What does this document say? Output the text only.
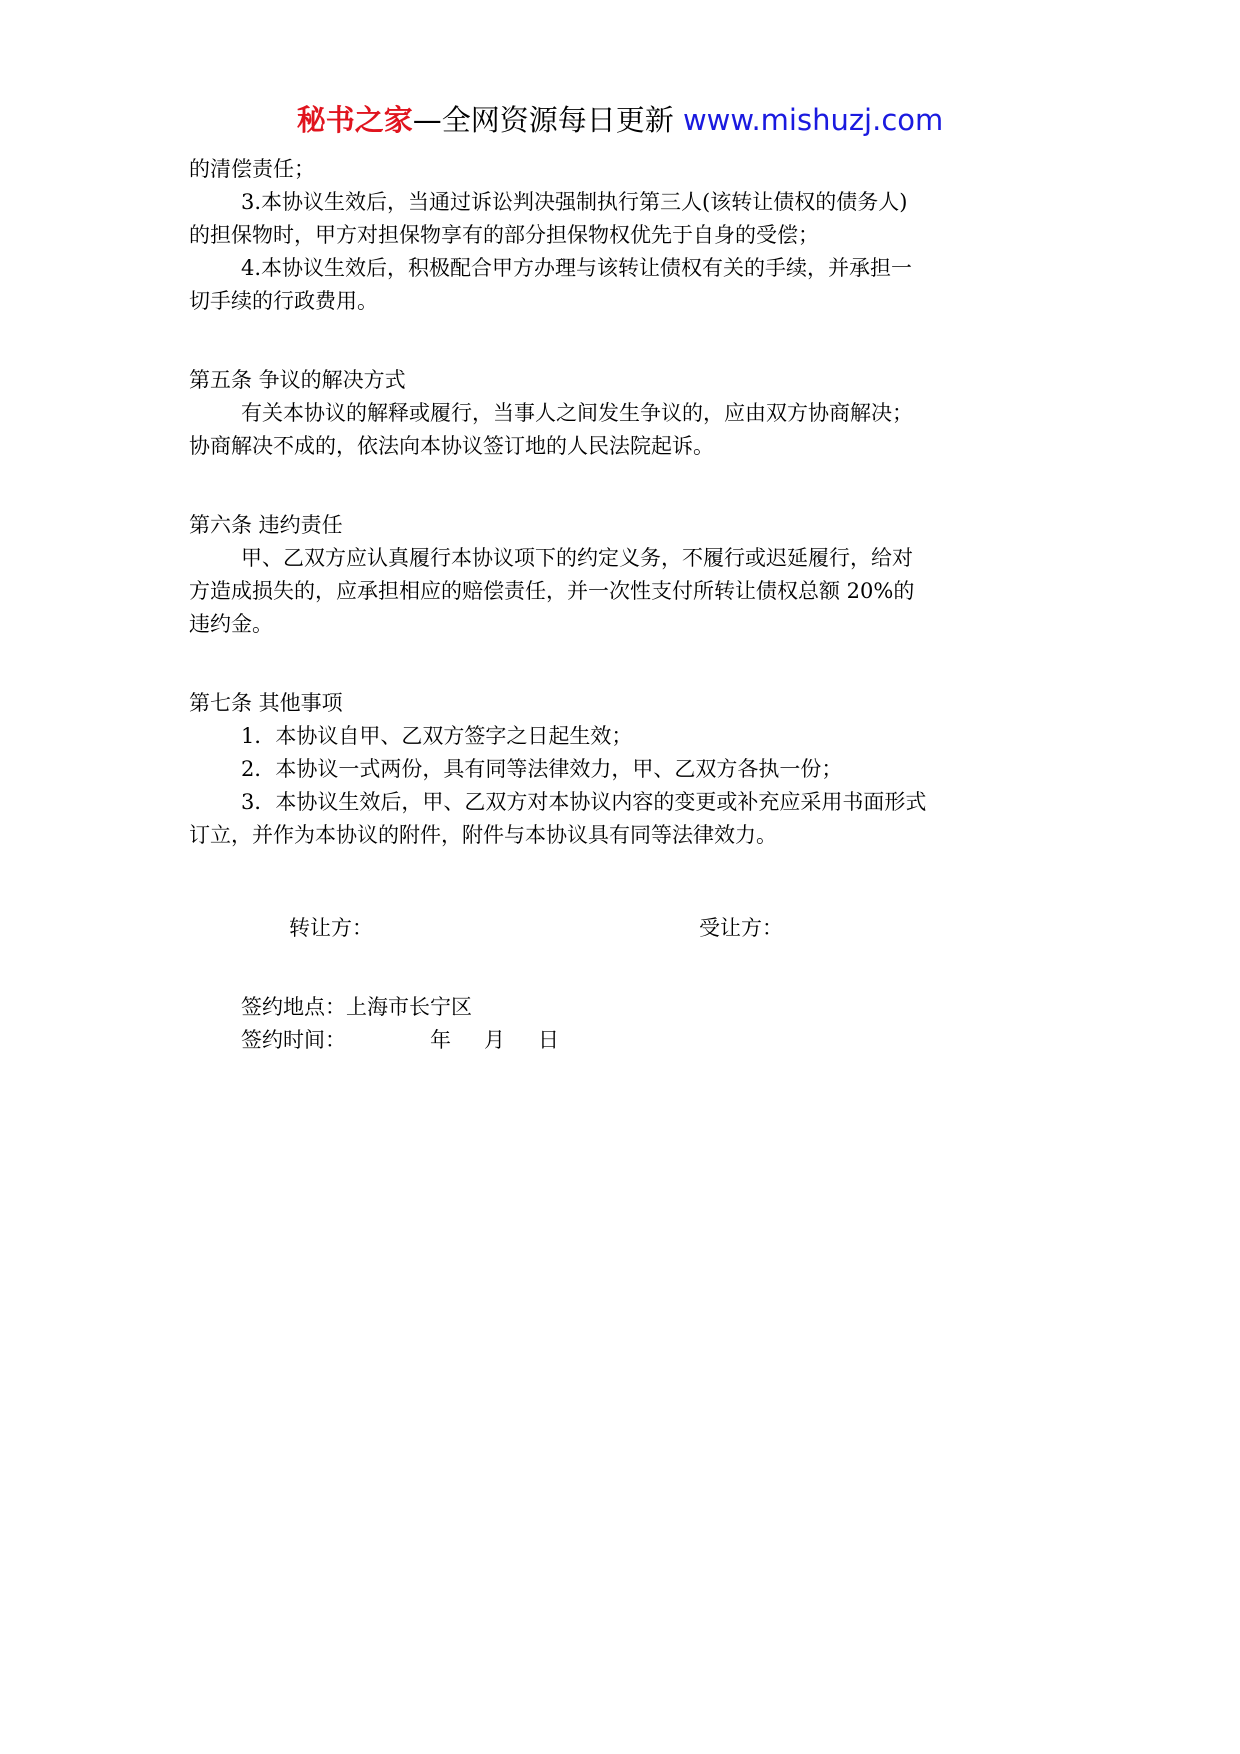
秘书之家—全网资源每日更新 www.mishuzj.com
的清偿责任；
3.本协议生效后，当通过诉讼判决强制执行第三人(该转让债权的债务人)
的担保物时，甲方对担保物享有的部分担保物权优先于自身的受偿；
4.本协议生效后，积极配合甲方办理与该转让债权有关的手续，并承担一
切手续的行政费用。
第五条 争议的解决方式
有关本协议的解释或履行，当事人之间发生争议的，应由双方协商解决；
协商解决不成的，依法向本协议签订地的人民法院起诉。
第六条 违约责任
甲、乙双方应认真履行本协议项下的约定义务，不履行或迟延履行，给对
方造成损失的，应承担相应的赔偿责任，并一次性支付所转让债权总额 20%的
违约金。
第七条 其他事项
1．本协议自甲、乙双方签字之日起生效；
2．本协议一式两份，具有同等法律效力，甲、乙双方各执一份；
3．本协议生效后，甲、乙双方对本协议内容的变更或补充应采用书面形式
订立，并作为本协议的附件，附件与本协议具有同等法律效力。
转让方：	受让方：
签约地点：上海市长宁区
签约时间：	年 月 日
